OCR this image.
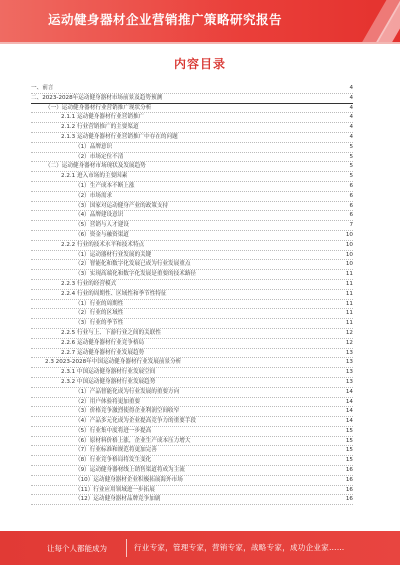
运动健身器材企业营销推广策略研究报告
内容目录
一、前言	4
二、2023-2028年运动健身器材市场前景及趋势预测	4
（一）运动健身器材行业营销推广现状分析	4
2.1.1 运动健身器材行业营销推广	4
2.1.2 行业营销推广的主要渠道	4
2.1.3 运动健身器材行业营销推广中存在的问题	4
（1）品牌意识	5
（2）市场定位不清	5
（二）运动健身器材市场现状及发展趋势	5
2.2.1 进入市场的主要因素	5
（1）生产成本不断上涨	6
（2）市场需求	6
（3）国家对运动健身产业的政策支持	6
（4）品牌建设意识	6
（5）营销与人才建设	7
（6）资金与融资渠道	10
2.2.2 行业的技术水平和技术特点	10
（1）运动器材行业发展的关键	10
（2）智能化和数字化发展已成为行业发展重点	10
（3）实现高端化和数字化发展是重要的技术路径	11
2.2.3 行业的经营模式	11
2.2.4 行业的周期性、区域性和季节性特征	11
（1）行业的周期性	11
（2）行业的区域性	11
（3）行业的季节性	11
2.2.5 行业与上、下游行业之间的关联性	12
2.2.6 运动健身器材行业竞争格局	12
2.2.7 运动健身器材行业发展趋势	13
2.3 2023-2028年中国运动健身器材行业发展前景分析	13
2.3.1 中国运动健身器材行业发展空间	13
2.3.2 中国运动健身器材行业发展趋势	13
（1）产品智能化成为行业发展的重要方向	14
（2）用户体验将更加重要	14
（3）价格竞争激烈使得企业利润空间收窄	14
（4）产品多元化成为企业提高竞争力的重要手段	14
（5）行业集中度将进一步提高	15
（6）原材料价格上涨，企业生产成本压力增大	15
（7）行业标准和规范将更加完善	15
（8）行业竞争格局将发生变化	15
（9）运动健身器材线上销售渠道将成为主流	16
（10）运动健身器材企业积极拓展海外市场	16
（11）行业应用领域进一步拓展	16
（12）运动健身器材品牌竞争加剧	16
让每个人都能成为	行业专家，管理专家，营销专家，战略专家，成功企业家……
